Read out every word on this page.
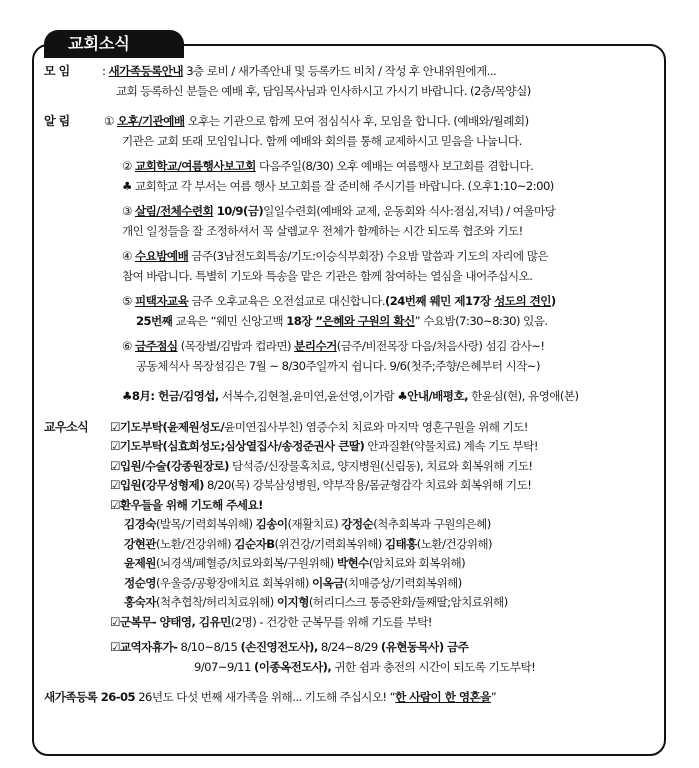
교회소식
모 임	: 새가족등록안내 3층 로비 / 새가족안내 및 등록카드 비치 / 작성 후 안내위원에게...
교회 등록하신 분들은 예배 후, 담임목사님과 인사하시고 가시기 바랍니다. (2층/목양실)
알 림	① 오후/기관예배 오후는 기관으로 함께 모여 점심식사 후, 모임을 합니다. (예배와/월례회)
기관은 교회 또래 모임입니다. 함께 예배와 회의를 통해 교제하시고 믿음을 나눕니다.
② 교회학교/여름행사보고회 다음주일(8/30) 오후 예배는 여름행사 보고회를 겸합니다.
♣ 교회학교 각 부서는 여름 행사 보고회를 잘 준비해 주시기를 바랍니다. (오후1:10~2:00)
③ 살림/전체수련회 10/9(금)일일수련회(예배와 교제, 운동회와 식사:점심,저녁) / 여울마당
개인 일정들을 잘 조정하셔서 꼭 살렘교우 전체가 함께하는 시간 되도록 협조와 기도!
④ 수요밤예배 금주(3남전도회특송/기도:이승식부회장) 수요밤 말씀과 기도의 자리에 많은
참여 바랍니다. 특별히 기도와 특송을 맡은 기관은 함께 참여하는 열심을 내어주십시오.
⑤ 피택자교육 금주 오후교육은 오전설교로 대신합니다.(24번째 웨민 제17장 성도의 견인)
25번째 교육은 “웨민 신앙고백 18장 ”은혜와 구원의 확신” 수요밤(7:30~8:30) 있음.
⑥ 금주점심 (목장별/김밥과 컵라면) 분리수거(금주/비전목장 다음/처음사랑) 섬김 감사~!
공동체식사 목장섬김은 7월 ~ 8/30주일까지 쉽니다. 9/6(첫주;주향/은혜부터 시작~)
♣8月: 헌금/김영섭, 서복수,김현철,윤미연,윤선영,이가람 ♣안내/배평호, 한윤심(현), 유영애(본)
교우소식 ☑기도부탁(윤제원성도/윤미연집사부친) 염증수치 치료와 마지막 영혼구원을 위해 기도!
☑기도부탁(심효희성도;심상열집사/송정준권사 큰딸) 안과질환(약물치료) 계속 기도 부탁!
☑입원/수술(강종원장로) 담석증/신장물혹치료, 양지병원(신림동), 치료와 회복위해 기도!
☑입원(강무성형제) 8/20(목) 강북삼성병원, 약부작용/몸균형감각 치료와 회복위해 기도!
☑환우들을 위해 기도해 주세요!
김경숙(발목/기력회복위해) 김송이(재활치료) 강정순(척추회복과 구원의은혜)
강현관(노환/건강위해) 김순자B(위건강/기력회복위해) 김태홍(노환/건강위해)
윤제원(뇌경색/폐혈증/치료와회복/구원위해) 박현수(암치료와 회복위해)
정순영(우울증/공황장애치료 회복위해) 이옥금(치매증상/기력회복위해)
홍숙자(척추협착/허리치료위해) 이지형(허리디스크 통증완화/둘째딸;암치료위해)
☑군복무- 양태영, 김유민(2명) - 건강한 군복무를 위해 기도를 부탁!
☑교역자휴가- 8/10~8/15 (손진영전도사), 8/24~8/29 (유현동목사) 금주
9/07~9/11 (이종옥전도사), 귀한 쉼과 충전의 시간이 되도록 기도부탁!
새가족등록 26-05 26년도 다섯 번째 새가족을 위해... 기도해 주십시오! “한 사람이 한 영혼을”
